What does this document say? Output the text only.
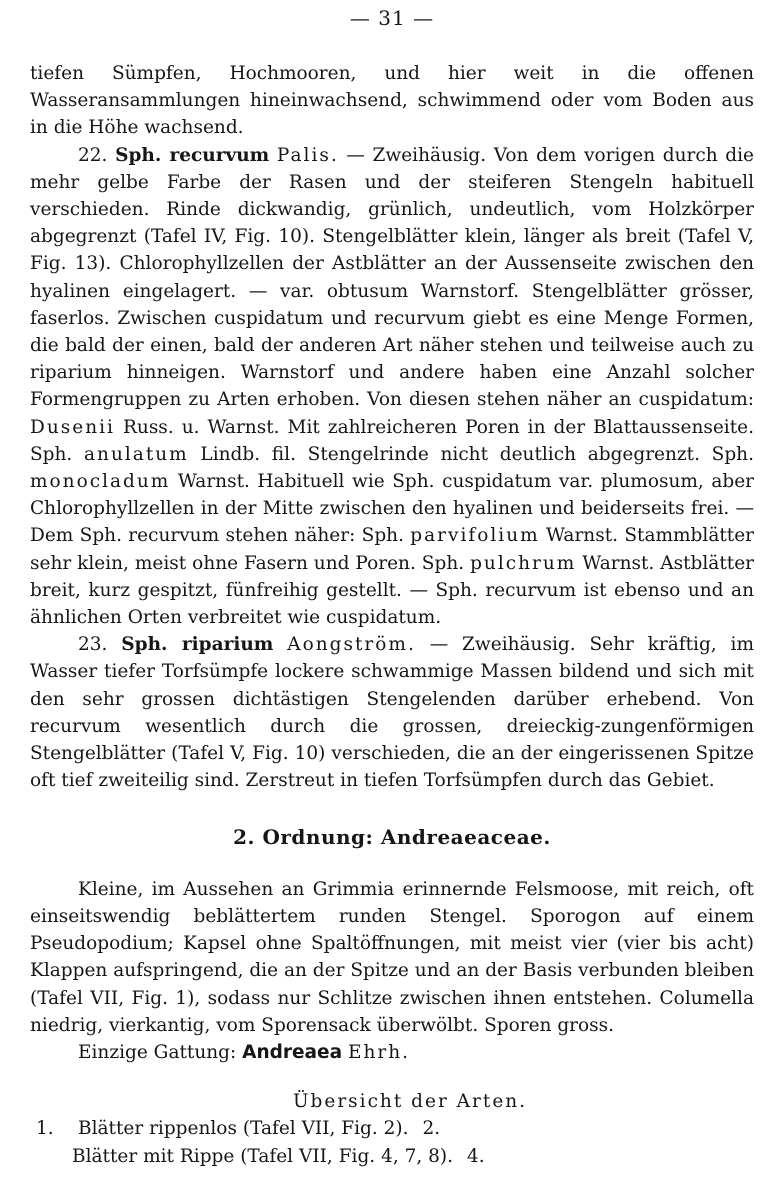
— 31 —

tiefen Sümpfen, Hochmooren, und hier weit in die offenen Wasseransammlungen hineinwachsend, schwimmend oder vom Boden aus in die Höhe wachsend.

22. Sph. recurvum Palis. — Zweihäusig. Von dem vorigen durch die mehr gelbe Farbe der Rasen und der steiferen Stengeln habituell verschieden. Rinde dickwandig, grünlich, undeutlich, vom Holzkörper abgegrenzt (Tafel IV, Fig. 10). Stengelblätter klein, länger als breit (Tafel V, Fig. 13). Chlorophyllzellen der Astblätter an der Aussenseite zwischen den hyalinen eingelagert. — var. obtusum Warnstorf. Stengelblätter grösser, faserlos. Zwischen cuspidatum und recurvum giebt es eine Menge Formen, die bald der einen, bald der anderen Art näher stehen und teilweise auch zu riparium hinneigen. Warnstorf und andere haben eine Anzahl solcher Formengruppen zu Arten erhoben. Von diesen stehen näher an cuspidatum: Dusenii Russ. u. Warnst. Mit zahlreicheren Poren in der Blattaussenseite. Sph. anulatum Lindb. fil. Stengelrinde nicht deutlich abgegrenzt. Sph. monocladum Warnst. Habituell wie Sph. cuspidatum var. plumosum, aber Chlorophyllzellen in der Mitte zwischen den hyalinen und beiderseits frei. — Dem Sph. recurvum stehen näher: Sph. parvifolium Warnst. Stammblätter sehr klein, meist ohne Fasern und Poren. Sph. pulchrum Warnst. Astblätter breit, kurz gespitzt, fünfreihig gestellt. — Sph. recurvum ist ebenso und an ähnlichen Orten verbreitet wie cuspidatum.

23. Sph. riparium Aongström. — Zweihäusig. Sehr kräftig, im Wasser tiefer Torfsümpfe lockere schwammige Massen bildend und sich mit den sehr grossen dichtästigen Stengelenden darüber erhebend. Von recurvum wesentlich durch die grossen, dreieckig-zungenförmigen Stengelblätter (Tafel V, Fig. 10) verschieden, die an der eingerissenen Spitze oft tief zweiteilig sind. Zerstreut in tiefen Torfsümpfen durch das Gebiet.

2. Ordnung: Andreaeaceae.

Kleine, im Aussehen an Grimmia erinnernde Felsmoose, mit reich, oft einseitswendig beblättertem runden Stengel. Sporogon auf einem Pseudopodium; Kapsel ohne Spaltöffnungen, mit meist vier (vier bis acht) Klappen aufspringend, die an der Spitze und an der Basis verbunden bleiben (Tafel VII, Fig. 1), sodass nur Schlitze zwischen ihnen entstehen. Columella niedrig, vierkantig, vom Sporensack überwölbt. Sporen gross.

Einzige Gattung: Andreaea Ehrh.

Übersicht der Arten.
1. Blätter rippenlos (Tafel VII, Fig. 2). 2.
Blätter mit Rippe (Tafel VII, Fig. 4, 7, 8). 4.
